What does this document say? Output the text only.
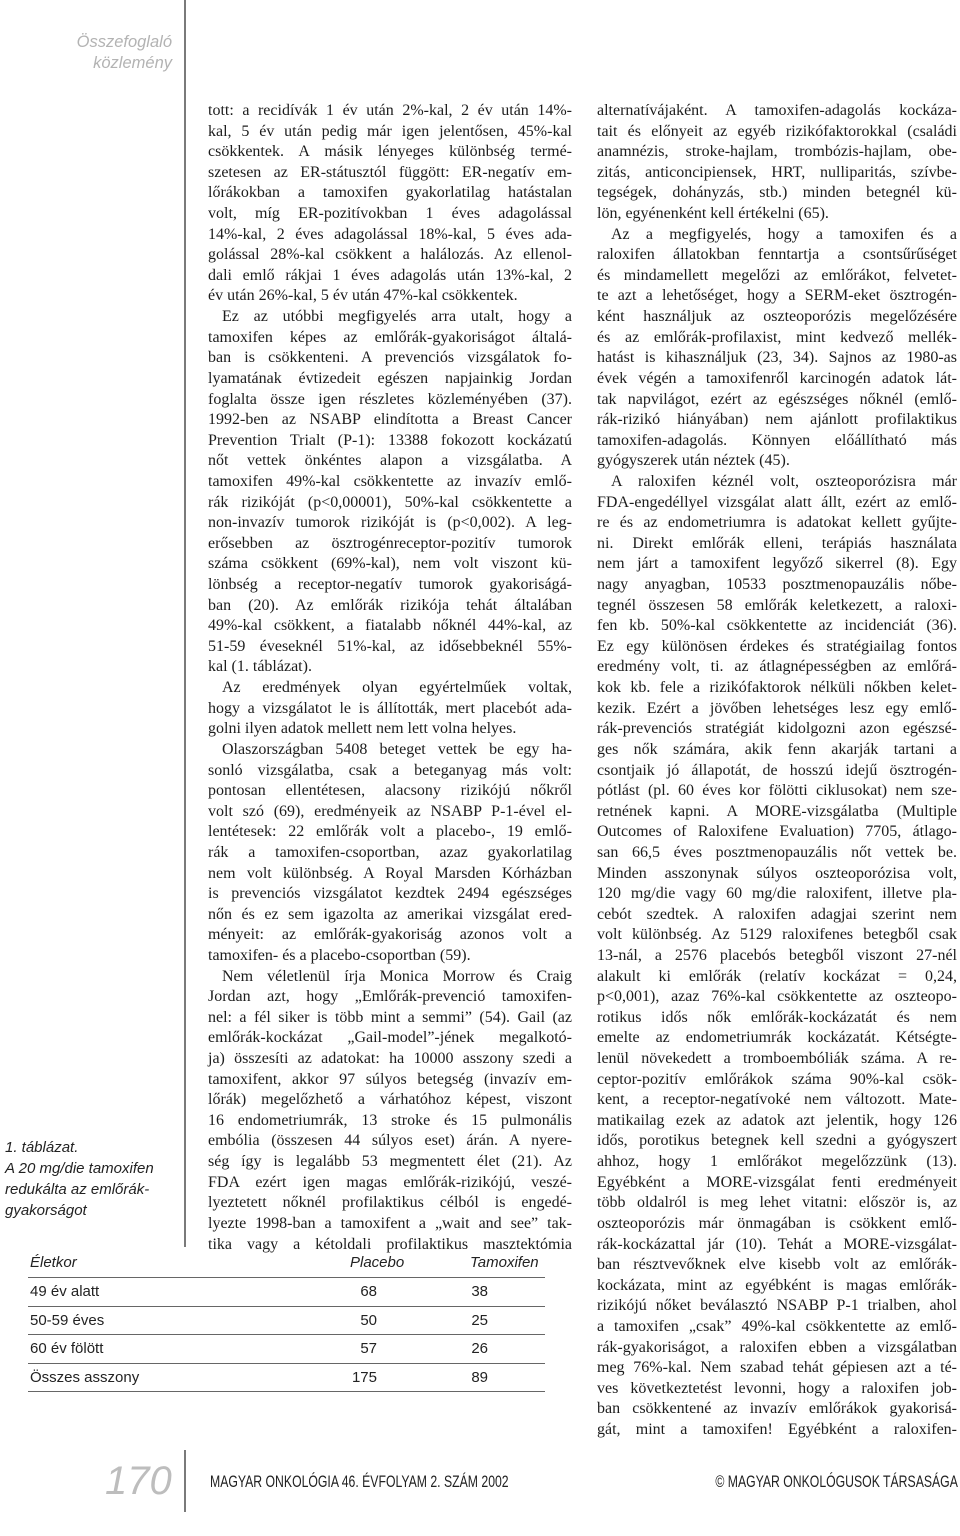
Összefoglaló
közlemény
tott: a recidívák 1 év után 2%-kal, 2 év után 14%-
kal, 5 év után pedig már igen jelentősen, 45%-kal
csökkentek. A másik lényeges különbség termé-
szetesen az ER-státusztól függött: ER-negatív em-
lőrákokban a tamoxifen gyakorlatilag hatástalan
volt, míg ER-pozitívokban 1 éves adagolással
14%-kal, 2 éves adagolással 18%-kal, 5 éves ada-
golással 28%-kal csökkent a halálozás. Az ellenol-
dali emlő rákjai 1 éves adagolás után 13%-kal, 2
év után 26%-kal, 5 év után 47%-kal csökkentek.
Ez az utóbbi megfigyelés arra utalt, hogy a
tamoxifen képes az emlőrák-gyakoriságot általá-
ban is csökkenteni. A prevenciós vizsgálatok fo-
lyamatának évtizedeit egészen napjainkig Jordan
foglalta össze igen részletes közleményében (37).
1992-ben az NSABP elindította a Breast Cancer
Prevention Trialt (P-1): 13388 fokozott kockázatú
nőt vettek önkéntes alapon a vizsgálatba. A
tamoxifen 49%-kal csökkentette az invazív emlő-
rák rizikóját (p<0,00001), 50%-kal csökkentette a
non-invazív tumorok rizikóját is (p<0,002). A leg-
erősebben az ösztrogénreceptor-pozitív tumorok
száma csökkent (69%-kal), nem volt viszont kü-
lönbség a receptor-negatív tumorok gyakoriságá-
ban (20). Az emlőrák rizikója tehát általában
49%-kal csökkent, a fiatalabb nőknél 44%-kal, az
51-59 éveseknél 51%-kal, az idősebbeknél 55%-
kal (1. táblázat).
Az eredmények olyan egyértelműek voltak,
hogy a vizsgálatot le is állították, mert placebót ada-
golni ilyen adatok mellett nem lett volna helyes.
Olaszországban 5408 beteget vettek be egy ha-
sonló vizsgálatba, csak a beteganyag más volt:
pontosan ellentétesen, alacsony rizikójú nőkről
volt szó (69), eredményeik az NSABP P-1-ével el-
lentétesek: 22 emlőrák volt a placebo-, 19 emlő-
rák a tamoxifen-csoportban, azaz gyakorlatilag
nem volt különbség. A Royal Marsden Kórházban
is prevenciós vizsgálatot kezdtek 2494 egészséges
nőn és ez sem igazolta az amerikai vizsgálat ered-
ményeit: az emlőrák-gyakoriság azonos volt a
tamoxifen- és a placebo-csoportban (59).
Nem véletlenül írja Monica Morrow és Craig
Jordan azt, hogy „Emlőrák-prevenció tamoxifen-
nel: a fél siker is több mint a semmi” (54). Gail (az
emlőrák-kockázat „Gail-model”-jének megalkotó-
ja) összesíti az adatokat: ha 10000 asszony szedi a
tamoxifent, akkor 97 súlyos betegség (invazív em-
lőrák) megelőzhető a várhatóhoz képest, viszont
16 endometriumrák, 13 stroke és 15 pulmonális
embólia (összesen 44 súlyos eset) árán. A nyere-
ség így is legalább 53 megmentett élet (21). Az
FDA ezért igen magas emlőrák-rizikójú, veszé-
lyeztetett nőknél profilaktikus célból is engedé-
lyezte 1998-ban a tamoxifent a „wait and see” tak-
tika vagy a kétoldali profilaktikus masztektómia
alternatívájaként. A tamoxifen-adagolás kockáza-
tait és előnyeit az egyéb rizikófaktorokkal (családi
anamnézis, stroke-hajlam, trombózis-hajlam, obe-
zitás, anticoncipiensek, HRT, nulliparitás, szívbe-
tegségek, dohányzás, stb.) minden betegnél kü-
lön, egyénenként kell értékelni (65).
Az a megfigyelés, hogy a tamoxifen és a
raloxifen állatokban fenntartja a csontsűrűséget
és mindamellett megelőzi az emlőrákot, felvetet-
te azt a lehetőséget, hogy a SERM-eket ösztrogén-
ként használjuk az oszteoporózis megelőzésére
és az emlőrák-profilaxist, mint kedvező mellék-
hatást is kihasználjuk (23, 34). Sajnos az 1980-as
évek végén a tamoxifenről karcinogén adatok lát-
tak napvilágot, ezért az egészséges nőknél (emlő-
rák-rizikó hiányában) nem ajánlott profilaktikus
tamoxifen-adagolás. Könnyen előállítható más
gyógyszerek után néztek (45).
A raloxifen kéznél volt, oszteoporózisra már
FDA-engedéllyel vizsgálat alatt állt, ezért az emlő-
re és az endometriumra is adatokat kellett gyűjte-
ni. Direkt emlőrák elleni, terápiás használata
nem járt a tamoxifent legyőző sikerrel (8). Egy
nagy anyagban, 10533 posztmenopauzális nőbe-
tegnél összesen 58 emlőrák keletkezett, a raloxi-
fen kb. 50%-kal csökkentette az incidenciát (36).
Ez egy különösen érdekes és stratégiailag fontos
eredmény volt, ti. az átlagnépességben az emlőrá-
kok kb. fele a rizikófaktorok nélküli nőkben kelet-
kezik. Ezért a jövőben lehetséges lesz egy emlő-
rák-prevenciós stratégiát kidolgozni azon egészsé-
ges nők számára, akik fenn akarják tartani a
csontjaik jó állapotát, de hosszú idejű ösztrogén-
pótlást (pl. 60 éves kor fölötti ciklusokat) nem sze-
retnének kapni. A MORE-vizsgálatba (Multiple
Outcomes of Raloxifene Evaluation) 7705, átlago-
san 66,5 éves posztmenopauzális nőt vettek be.
Minden asszonynak súlyos oszteoporózisa volt,
120 mg/die vagy 60 mg/die raloxifent, illetve pla-
cebót szedtek. A raloxifen adagjai szerint nem
volt különbség. Az 5129 raloxifenes betegből csak
13-nál, a 2576 placebós betegből viszont 27-nél
alakult ki emlőrák (relatív kockázat = 0,24,
p<0,001), azaz 76%-kal csökkentette az oszteopo-
rotikus idős nők emlőrák-kockázatát és nem
emelte az endometriumrák kockázatát. Kétségte-
lenül növekedett a tromboembóliák száma. A re-
ceptor-pozitív emlőrákok száma 90%-kal csök-
kent, a receptor-negatívoké nem változott. Mate-
matikailag ezek az adatok azt jelentik, hogy 126
idős, porotikus betegnek kell szedni a gyógyszert
ahhoz, hogy 1 emlőrákot megelőzzünk (13).
Egyébként a MORE-vizsgálat fenti eredményeit
több oldalról is meg lehet vitatni: először is, az
oszteoporózis már önmagában is csökkent emlő-
rák-kockázattal jár (10). Tehát a MORE-vizsgálat-
ban résztvevőknek elve kisebb volt az emlőrák-
kockázata, mint az egyébként is magas emlőrák-
rizikójú nőket beválasztó NSABP P-1 trialben, ahol
a tamoxifen „csak” 49%-kal csökkentette az emlő-
rák-gyakoriságot, a raloxifen ebben a vizsgálatban
meg 76%-kal. Nem szabad tehát gépiesen azt a té-
ves következtetést levonni, hogy a raloxifen job-
ban csökkentené az invazív emlőrákok gyakorisá-
gát, mint a tamoxifen! Egyébként a raloxifen-
1. táblázat.
A 20 mg/die tamoxifen
redukálta az emlőrák-
gyakorságot
Életkor	Placebo	Tamoxifen
49 év alatt	68	38
50-59 éves	50	25
60 év fölött	57	26
Összes asszony	175	89
170 MAGYAR ONKOLÓGIA 46. ÉVFOLYAM 2. SZÁM 2002	© MAGYAR ONKOLÓGUSOK TÁRSASÁGA
